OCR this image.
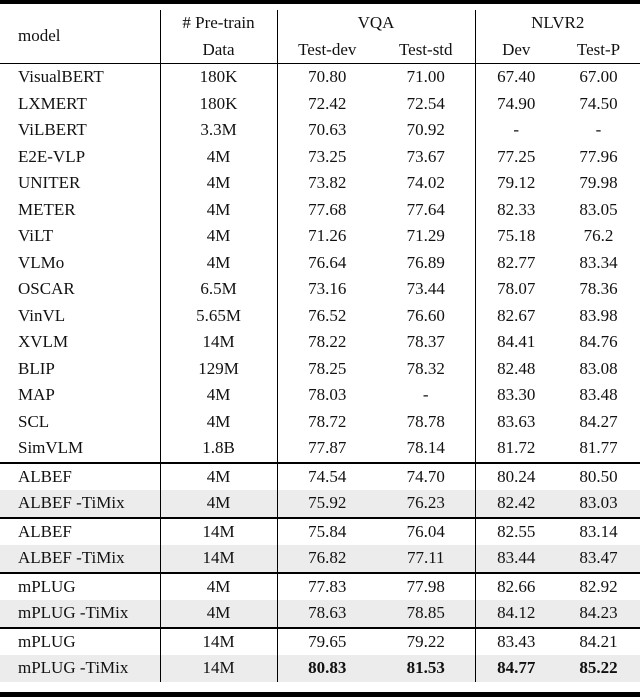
model	# Pre-train	VQA		NLVR2	
	Data	Test-dev	Test-std	Dev	Test-P
VisualBERT	180K	70.80	71.00	67.40	67.00
LXMERT	180K	72.42	72.54	74.90	74.50
ViLBERT	3.3M	70.63	70.92	-	-
E2E-VLP	4M	73.25	73.67	77.25	77.96
UNITER	4M	73.82	74.02	79.12	79.98
METER	4M	77.68	77.64	82.33	83.05
ViLT	4M	71.26	71.29	75.18	76.2
VLMo	4M	76.64	76.89	82.77	83.34
OSCAR	6.5M	73.16	73.44	78.07	78.36
VinVL	5.65M	76.52	76.60	82.67	83.98
XVLM	14M	78.22	78.37	84.41	84.76
BLIP	129M	78.25	78.32	82.48	83.08
MAP	4M	78.03	-	83.30	83.48
SCL	4M	78.72	78.78	83.63	84.27
SimVLM	1.8B	77.87	78.14	81.72	81.77
ALBEF	4M	74.54	74.70	80.24	80.50
ALBEF -TiMix	4M	75.92	76.23	82.42	83.03
ALBEF	14M	75.84	76.04	82.55	83.14
ALBEF -TiMix	14M	76.82	77.11	83.44	83.47
mPLUG	4M	77.83	77.98	82.66	82.92
mPLUG -TiMix	4M	78.63	78.85	84.12	84.23
mPLUG	14M	79.65	79.22	83.43	84.21
mPLUG -TiMix	14M	80.83	81.53	84.77	85.22
